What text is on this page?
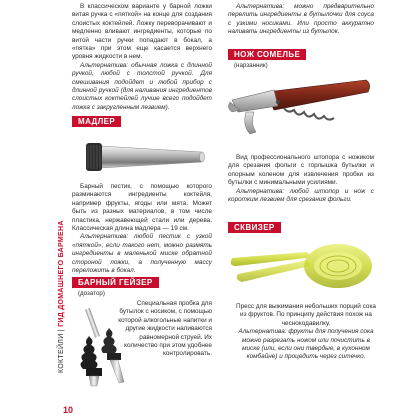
В классическом варианте у барной ложки витая ручка с «пяткой» на конце для создания слоистых коктейлей. Ложку переворачивают и медленно вливают ингредиенты, которые по витой части ручки попадают в бокал, а «пятка» при этом еще касается верхнего уровня жидкости в нем.

Альтернатива: обычная ложка с длинной ручкой, любой с толстой ручкой. Для смешивания подойдет и любой прибор с длинной ручкой (для наливания ингредиентов слоистых коктейлей лучше всего подойдет ложка с закругленным лезвием).

МАДЛЕР

Барный пестик, с помощью которого разминаются ингредиенты коктейля, например фрукты, ягоды или мята. Может быть из разных материалов, в том числе пластика, нержавеющей стали или дерева. Классическая длина мадлера — 19 см.

Альтернатива: любой пестик с узкой «пяткой»; если такого нет, можно размять ингредиенты в маленькой миске обратной стороной ложки, а полученную массу переложить в бокал.

БАРНЫЙ ГЕЙЗЕР
(дозатор)

Специальная пробка для бутылок с носиком, с помощью которой алкогольные напитки и другие жидкости наливаются равномерной струей. Их количество при этом удобнее контролировать.

Альтернатива: можно предварительно перелить ингредиенты в бутылочки для соуса с узкими носиками. Или просто аккуратно наливать ингредиенты из бутылок.

НОЖ СОМЕЛЬЕ
(нарзанник)

Вид профессионального штопора с ножиком для срезания фольги с горлышка бутылки и опорным коленом для извлечения пробки из бутылки с минимальными усилиями.

Альтернатива: любой штопор и нож с коротким лезвием для срезания фольги.

СКВИЗЕР

Пресс для выжимания небольших порций сока из фруктов. По принципу действия похож на чеснокодавилку.

Альтернатива: фрукты для получения сока можно разрезать ножом или почистить в миске (или, если они твердые, в кухонном комбайне) и процедить через ситечко.

КОКТЕЙЛИ | ГИД ДОМАШНЕГО БАРМЕНА
10
